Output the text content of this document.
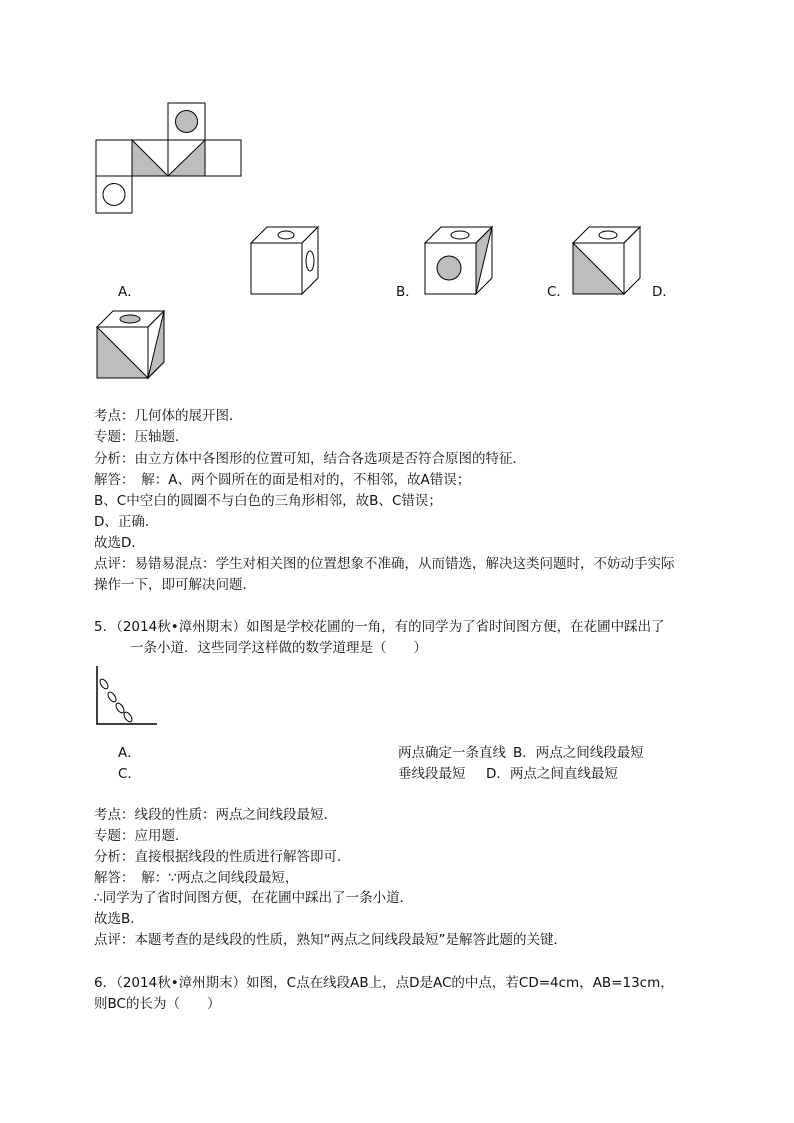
A．	B．	C．	D．
考点：几何体的展开图．
专题：压轴题．
分析：由立方体中各图形的位置可知，结合各选项是否符合原图的特征．
解答：　解：A、两个圆所在的面是相对的，不相邻，故A错误；
B、C中空白的圆圈不与白色的三角形相邻，故B、C错误；
D、正确．
故选D．
点评：易错易混点：学生对相关图的位置想象不准确，从而错选，解决这类问题时，不妨动手实际
操作一下，即可解决问题．
5．（2014秋•漳州期末）如图是学校花圃的一角，有的同学为了省时间图方便，在花圃中踩出了
一条小道．这些同学这样做的数学道理是（　　）
A．	两点确定一条直线 B．两点之间线段最短
C．	垂线段最短 D．两点之间直线最短
考点：线段的性质：两点之间线段最短．
专题：应用题．
分析：直接根据线段的性质进行解答即可．
解答：　解：∵两点之间线段最短，
∴同学为了省时间图方便，在花圃中踩出了一条小道．
故选B．
点评：本题考查的是线段的性质，熟知“两点之间线段最短”是解答此题的关键．
6．（2014秋•漳州期末）如图，C点在线段AB上，点D是AC的中点，若CD=4cm，AB=13cm，
则BC的长为（　　）
